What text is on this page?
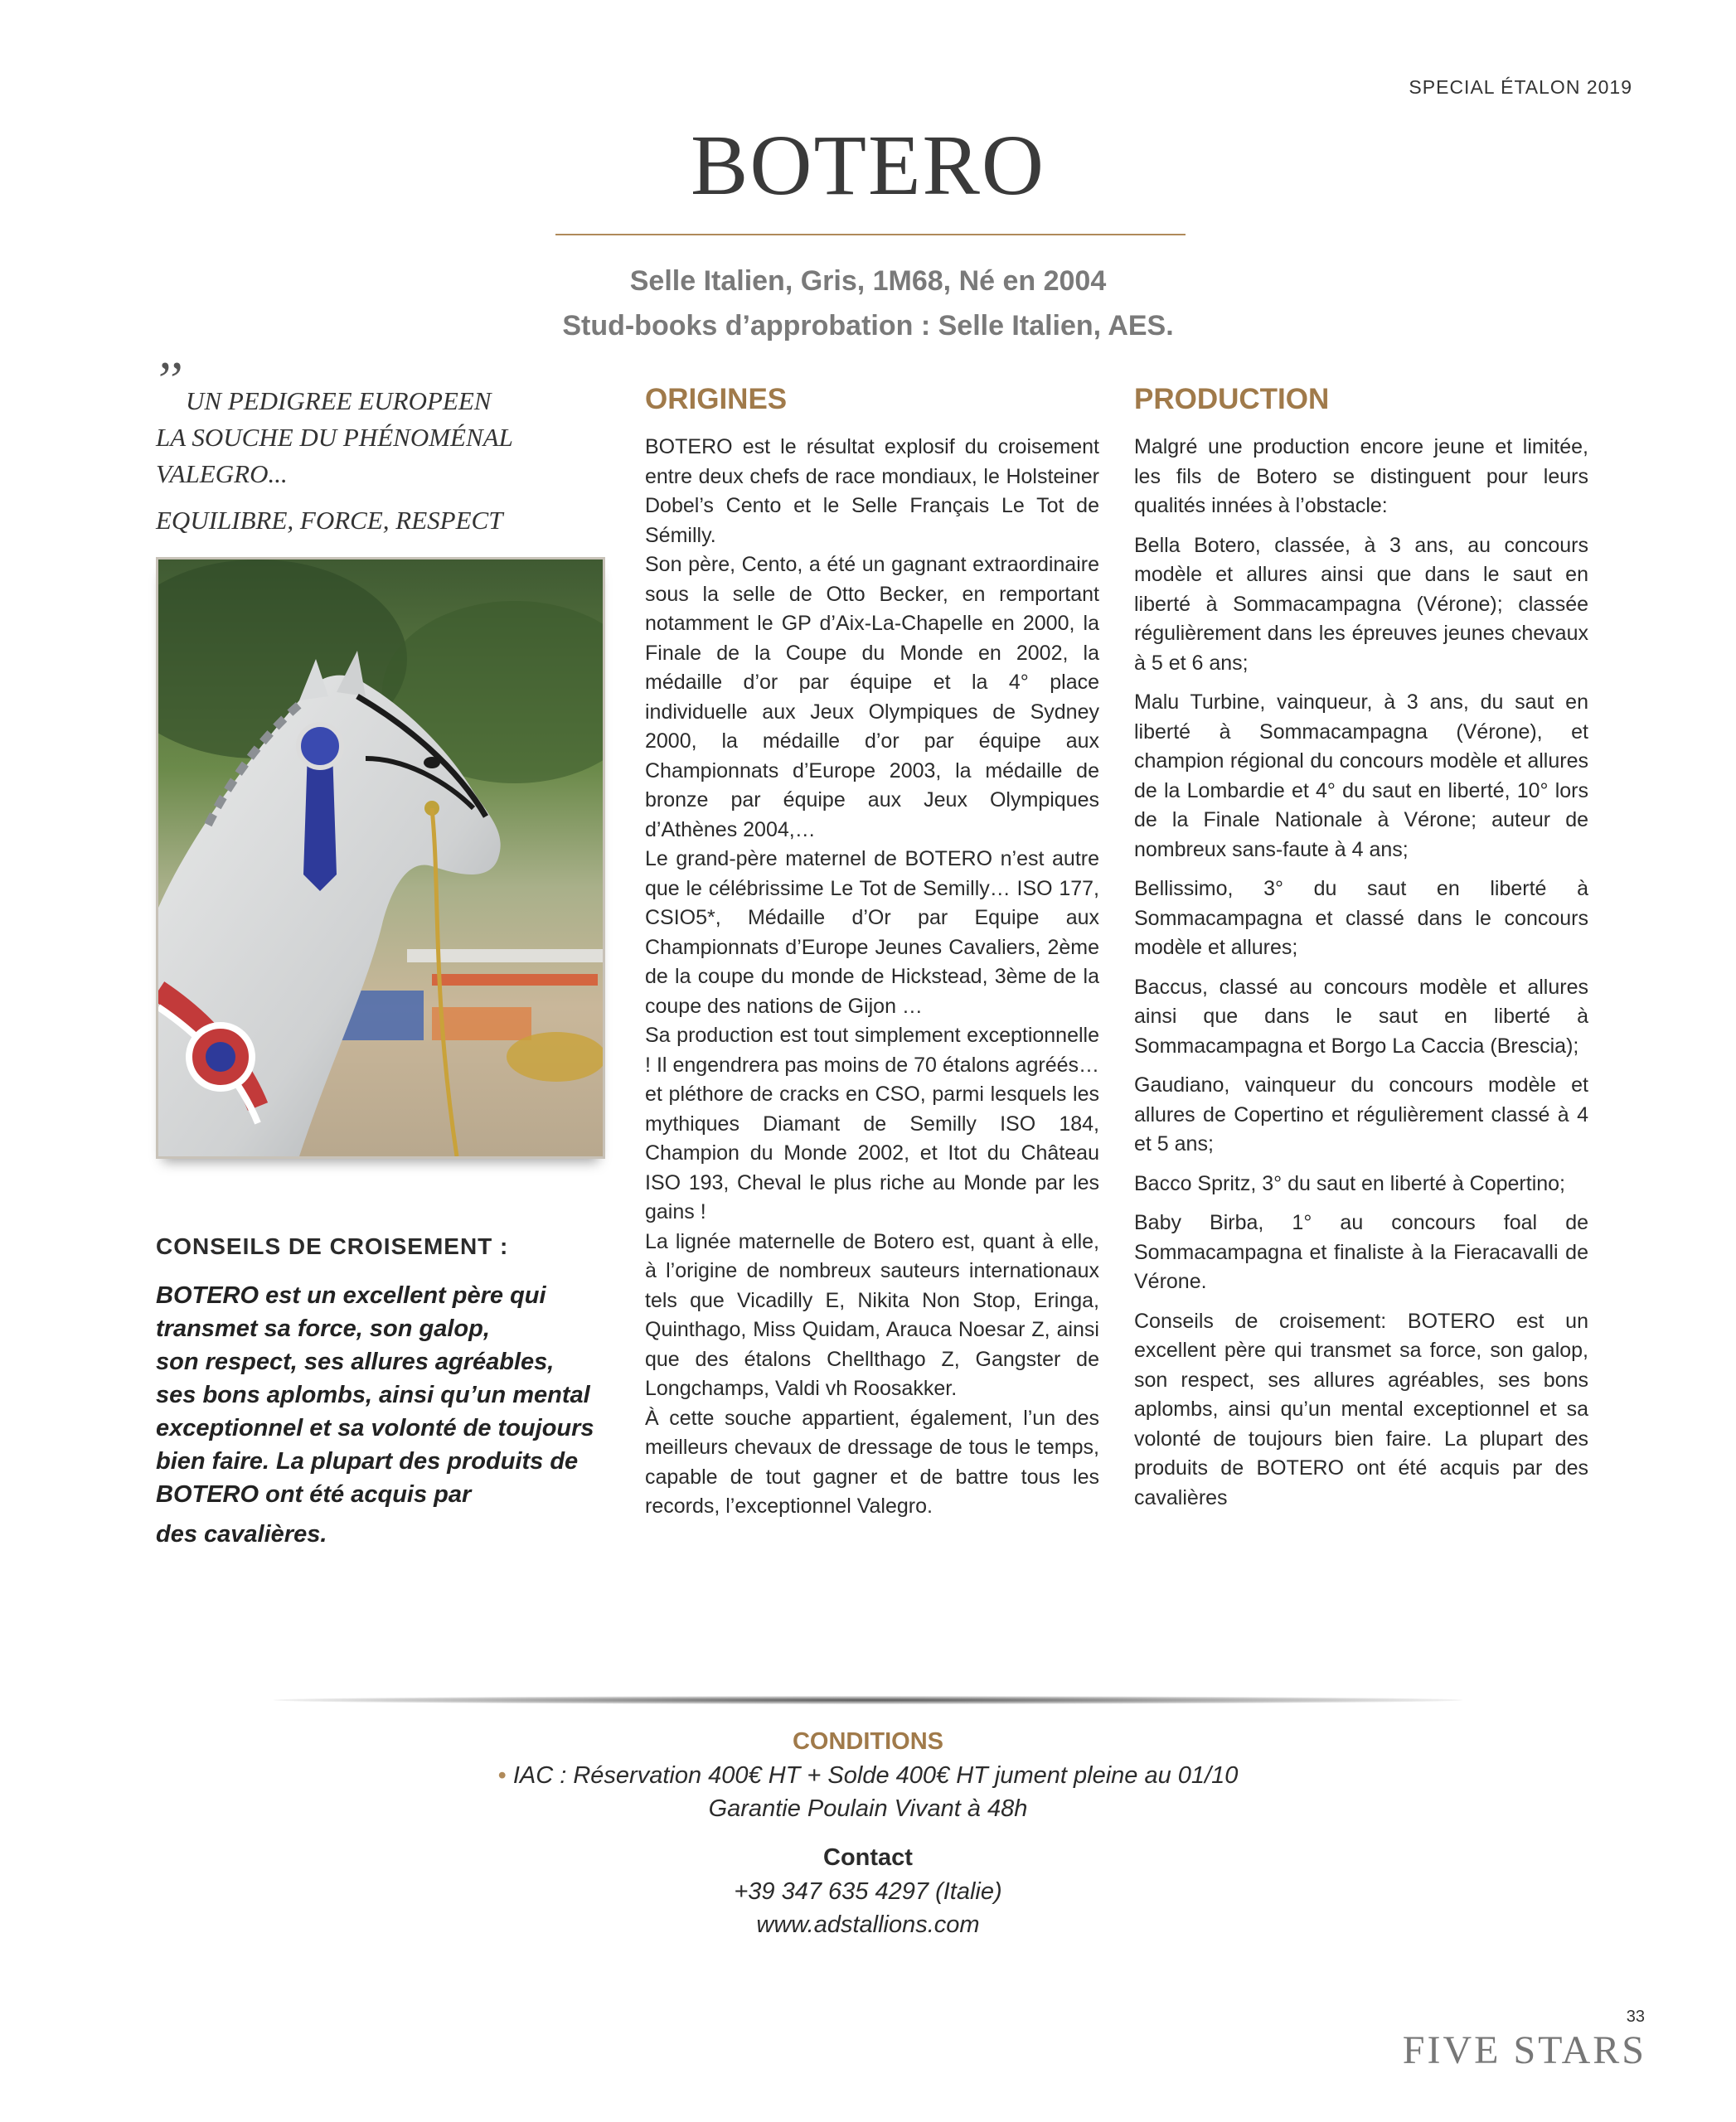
SPECIAL ÉTALON 2019
BOTERO
Selle Italien, Gris, 1M68, Né en 2004
Stud-books d’approbation : Selle Italien, AES.
’’ UN PEDIGREE EUROPEEN
LA SOUCHE DU PHÉNOMÉNAL
VALEGRO...
EQUILIBRE, FORCE, RESPECT
CONSEILS DE CROISEMENT :
BOTERO est un excellent père qui
transmet sa force, son galop,
son respect, ses allures agréables,
ses bons aplombs, ainsi qu’un mental
exceptionnel et sa volonté de toujours
bien faire. La plupart des produits de
BOTERO ont été acquis par
des cavalières.
ORIGINES

BOTERO est le résultat explosif du croisement entre deux chefs de race mondiaux, le Holsteiner Dobel’s Cento et le Selle Français Le Tot de Sémilly.

Son père, Cento, a été un gagnant extraordinaire sous la selle de Otto Becker, en remportant notamment le GP d’Aix-La-Chapelle en 2000, la Finale de la Coupe du Monde en 2002, la médaille d’or par équipe et la 4° place individuelle aux Jeux Olympiques de Sydney 2000, la médaille d’or par équipe aux Championnats d’Europe 2003, la médaille de bronze par équipe aux Jeux Olympiques d’Athènes 2004,…

Le grand-père maternel de BOTERO n’est autre que le célébrissime Le Tot de Semilly… ISO 177, CSIO5*, Médaille d’Or par Equipe aux Championnats d’Europe Jeunes Cavaliers, 2ème de la coupe du monde de Hickstead, 3ème de la coupe des nations de Gijon …

Sa production est tout simplement exceptionnelle ! Il engendrera pas moins de 70 étalons agréés… et pléthore de cracks en CSO, parmi lesquels les mythiques Diamant de Semilly ISO 184, Champion du Monde 2002, et Itot du Château ISO 193, Cheval le plus riche au Monde par les gains !

La lignée maternelle de Botero est, quant à elle, à l’origine de nombreux sauteurs internationaux tels que Vicadilly E, Nikita Non Stop, Eringa, Quinthago, Miss Quidam, Arauca Noesar Z, ainsi que des étalons Chellthago Z, Gangster de Longchamps, Valdi vh Roosakker.

À cette souche appartient, également, l’un des meilleurs chevaux de dressage de tous le temps, capable de tout gagner et de battre tous les records, l’exceptionnel Valegro.

PRODUCTION

Malgré une production encore jeune et limitée, les fils de Botero se distinguent pour leurs qualités innées à l’obstacle:

Bella Botero, classée, à 3 ans, au concours modèle et allures ainsi que dans le saut en liberté à Sommacampagna (Vérone); classée régulièrement dans les épreuves jeunes chevaux à 5 et 6 ans;

Malu Turbine, vainqueur, à 3 ans, du saut en liberté à Sommacampagna (Vérone), et champion régional du concours modèle et allures de la Lombardie et 4° du saut en liberté, 10° lors de la Finale Nationale à Vérone; auteur de nombreux sans-faute à 4 ans;

Bellissimo, 3° du saut en liberté à Sommacampagna et classé dans le concours modèle et allures;

Baccus, classé au concours modèle et allures ainsi que dans le saut en liberté à Sommacampagna et Borgo La Caccia (Brescia);

Gaudiano, vainqueur du concours modèle et allures de Copertino et régulièrement classé à 4 et 5 ans;

Bacco Spritz, 3° du saut en liberté à Copertino;

Baby Birba, 1° au concours foal de Sommacampagna et finaliste à la Fieracavalli de Vérone.

Conseils de croisement: BOTERO est un excellent père qui transmet sa force, son galop, son respect, ses allures agréables, ses bons aplombs, ainsi qu’un mental exceptionnel et sa volonté de toujours bien faire. La plupart des produits de BOTERO ont été acquis par des cavalières

CONDITIONS
• IAC : Réservation 400€ HT + Solde 400€ HT jument pleine au 01/10
Garantie Poulain Vivant à 48h
Contact
+39 347 635 4297 (Italie)
www.adstallions.com
33
FIVE STARS
